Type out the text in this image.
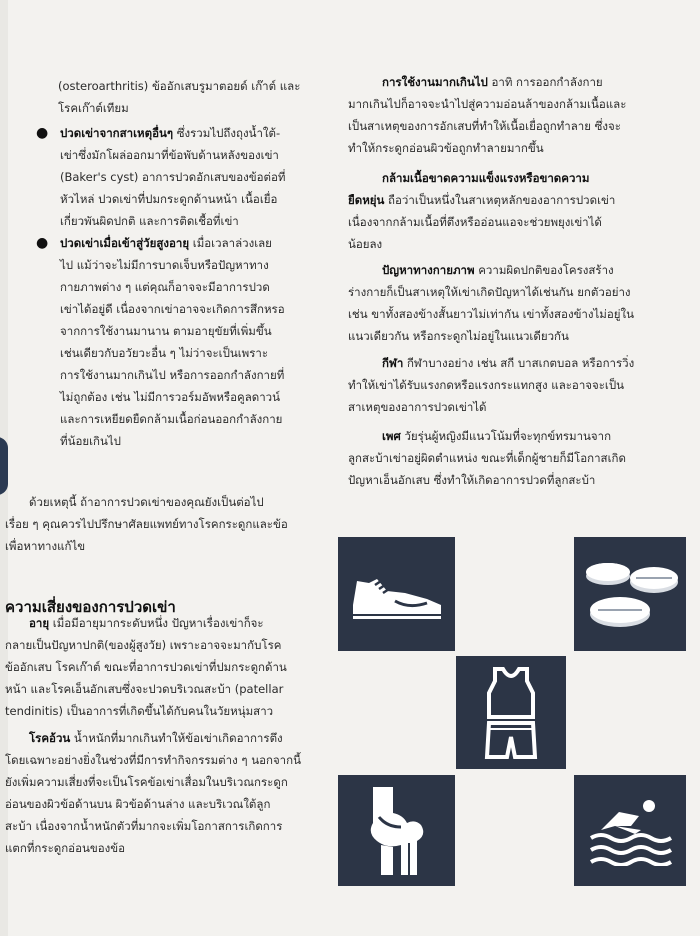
(osteroarthritis) ข้ออักเสบรูมาตอยด์ เก๊าต์ และ

โรคเก๊าต์เทียม

● ปวดเข่าจากสาเหตุอื่นๆ ซึ่งรวมไปถึงถุงน้ำใต้-

เข่าซึ่งมักโผล่ออกมาที่ข้อพับด้านหลังของเข่า

(Baker's cyst) อาการปวดอักเสบของข้อต่อที่

หัวไหล่ ปวดเข่าที่ปมกระดูกด้านหน้า เนื้อเยื่อ

เกี่ยวพันผิดปกติ และการติดเชื้อที่เข่า

● ปวดเข่าเมื่อเข้าสู่วัยสูงอายุ เมื่อเวลาล่วงเลย

ไป แม้ว่าจะไม่มีการบาดเจ็บหรือปัญหาทาง

กายภาพต่าง ๆ แต่คุณก็อาจจะมีอาการปวด

เข่าได้อยู่ดี เนื่องจากเข่าอาจจะเกิดการสึกหรอ

จากการใช้งานมานาน ตามอายุขัยที่เพิ่มขึ้น

เช่นเดียวกับอวัยวะอื่น ๆ ไม่ว่าจะเป็นเพราะ

การใช้งานมากเกินไป หรือการออกกำลังกายที่

ไม่ถูกต้อง เช่น ไม่มีการวอร์มอัพหรือคูลดาวน์

และการเหยียดยืดกล้ามเนื้อก่อนออกกำลังกาย

ที่น้อยเกินไป

ด้วยเหตุนี้ ถ้าอาการปวดเข่าของคุณยังเป็นต่อไป

เรื่อย ๆ คุณควรไปปรึกษาศัลยแพทย์ทางโรคกระดูกและข้อ

เพื่อหาทางแก้ไข

ความเสี่ยงของการปวดเข่า

อายุ เมื่อมีอายุมากระดับหนึ่ง ปัญหาเรื่องเข่าก็จะ

กลายเป็นปัญหาปกติ(ของผู้สูงวัย) เพราะอาจจะมากับโรค

ข้ออักเสบ โรคเก๊าต์ ขณะที่อาการปวดเข่าที่ปมกระดูกด้าน

หน้า และโรคเอ็นอักเสบซึ่งจะปวดบริเวณสะบ้า (patellar

tendinitis) เป็นอาการที่เกิดขึ้นได้กับคนในวัยหนุ่มสาว

โรคอ้วน น้ำหนักที่มากเกินทำให้ข้อเข่าเกิดอาการตึง

โดยเฉพาะอย่างยิ่งในช่วงที่มีการทำกิจกรรมต่าง ๆ นอกจากนี้

ยังเพิ่มความเสี่ยงที่จะเป็นโรคข้อเข่าเสื่อมในบริเวณกระดูก

อ่อนของผิวข้อด้านบน ผิวข้อด้านล่าง และบริเวณใต้ลูก

สะบ้า เนื่องจากน้ำหนักตัวที่มากจะเพิ่มโอกาสการเกิดการ

แตกที่กระดูกอ่อนของข้อ

การใช้งานมากเกินไป อาทิ การออกกำลังกาย

มากเกินไปก็อาจจะนำไปสู่ความอ่อนล้าของกล้ามเนื้อและ

เป็นสาเหตุของการอักเสบที่ทำให้เนื้อเยื่อถูกทำลาย ซึ่งจะ

ทำให้กระดูกอ่อนผิวข้อถูกทำลายมากขึ้น

กล้ามเนื้อขาดความแข็งแรงหรือขาดความ

ยืดหยุ่น ถือว่าเป็นหนึ่งในสาเหตุหลักของอาการปวดเข่า

เนื่องจากกล้ามเนื้อที่ตึงหรืออ่อนแอจะช่วยพยุงเข่าได้

น้อยลง

ปัญหาทางกายภาพ ความผิดปกติของโครงสร้าง

ร่างกายก็เป็นสาเหตุให้เข่าเกิดปัญหาได้เช่นกัน ยกตัวอย่าง

เช่น ขาทั้งสองข้างสั้นยาวไม่เท่ากัน เข่าทั้งสองข้างไม่อยู่ใน

แนวเดียวกัน หรือกระดูกไม่อยู่ในแนวเดียวกัน

กีฬา กีฬาบางอย่าง เช่น สกี บาสเกตบอล หรือการวิ่ง

ทำให้เข่าได้รับแรงกดหรือแรงกระแทกสูง และอาจจะเป็น

สาเหตุของอาการปวดเข่าได้

เพศ วัยรุ่นผู้หญิงมีแนวโน้มที่จะทุกข์ทรมานจาก

ลูกสะบ้าเข่าอยู่ผิดตำแหน่ง ขณะที่เด็กผู้ชายก็มีโอกาสเกิด

ปัญหาเอ็นอักเสบ ซึ่งทำให้เกิดอาการปวดที่ลูกสะบ้า
